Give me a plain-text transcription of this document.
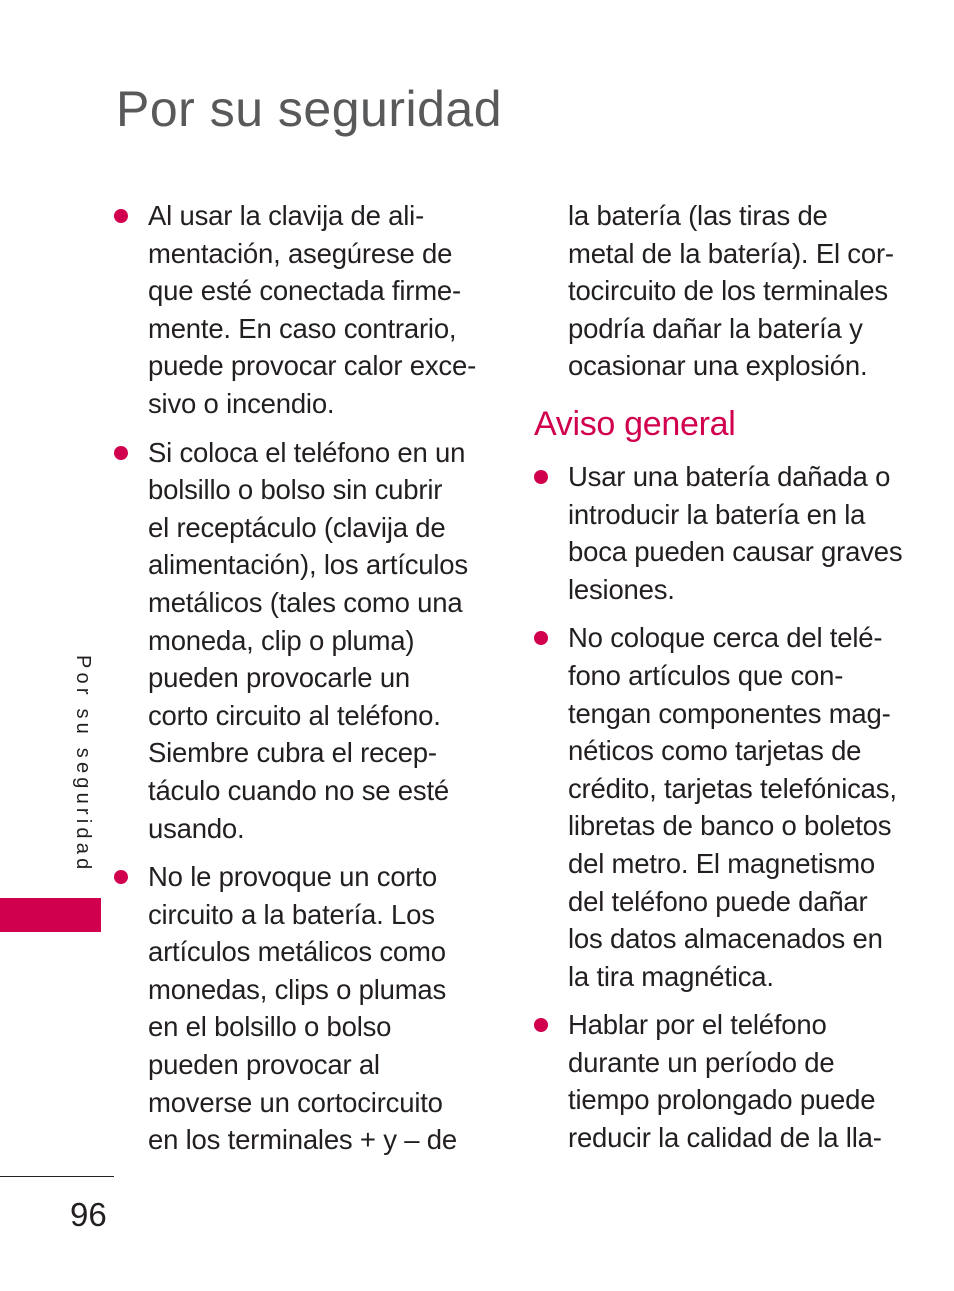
Por su seguridad
Por su seguridad
96
Al usar la clavija de ali-
mentación, asegúrese de
que esté conectada firme-
mente. En caso contrario,
puede provocar calor exce-
sivo o incendio.
Si coloca el teléfono en un
bolsillo o bolso sin cubrir
el receptáculo (clavija de
alimentación), los artículos
metálicos (tales como una
moneda, clip o pluma)
pueden provocarle un
corto circuito al teléfono.
Siembre cubra el recep-
táculo cuando no se esté
usando.
No le provoque un corto
circuito a la batería. Los
artículos metálicos como
monedas, clips o plumas
en el bolsillo o bolso
pueden provocar al
moverse un cortocircuito
en los terminales + y – de

la batería (las tiras de
metal de la batería). El cor-
tocircuito de los terminales
podría dañar la batería y
ocasionar una explosión.

Aviso general
Usar una batería dañada o
introducir la batería en la
boca pueden causar graves
lesiones.
No coloque cerca del telé-
fono artículos que con-
tengan componentes mag-
néticos como tarjetas de
crédito, tarjetas telefónicas,
libretas de banco o boletos
del metro. El magnetismo
del teléfono puede dañar
los datos almacenados en
la tira magnética.
Hablar por el teléfono
durante un período de
tiempo prolongado puede
reducir la calidad de la lla-
